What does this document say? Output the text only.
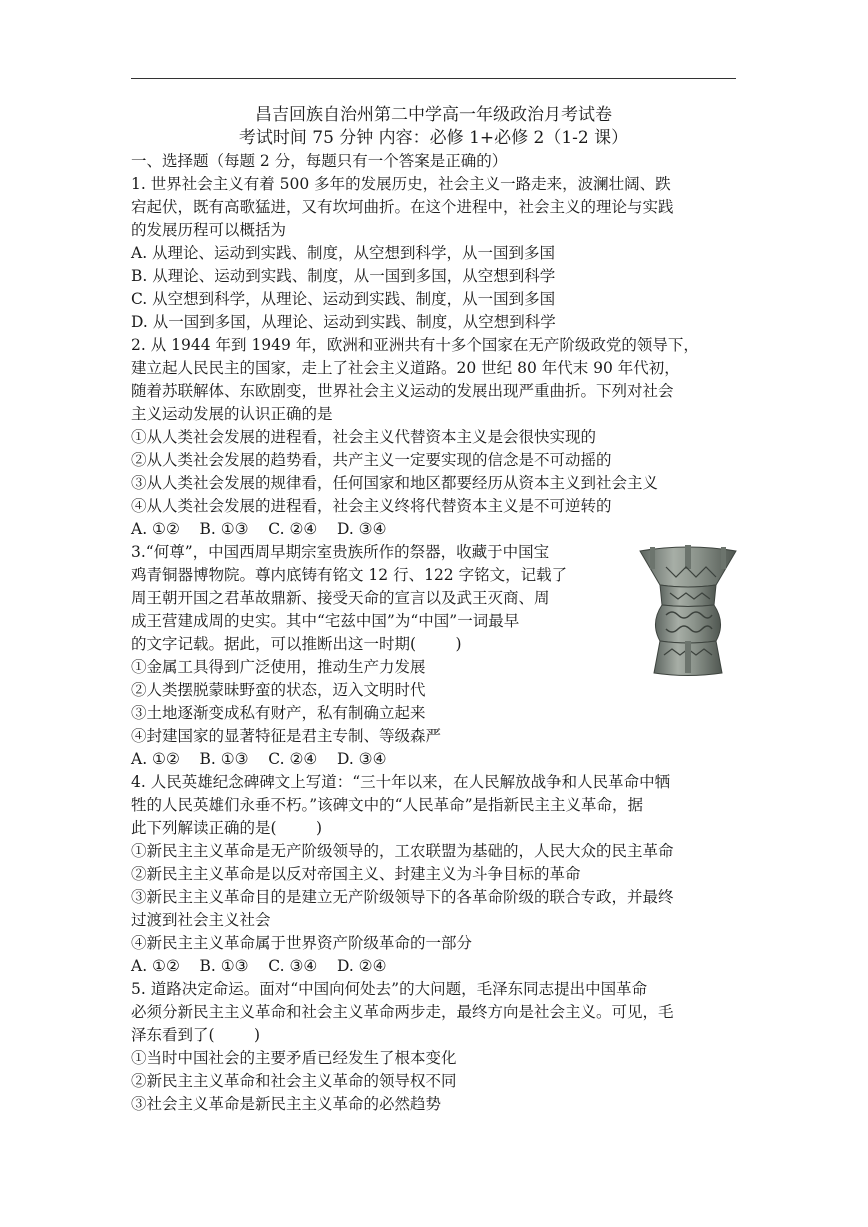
昌吉回族自治州第二中学高一年级政治月考试卷
考试时间 75 分钟 内容：必修 1+必修 2（1-2 课）
一、选择题（每题 2 分，每题只有一个答案是正确的）
1. 世界社会主义有着 500 多年的发展历史，社会主义一路走来，波澜壮阔、跌
宕起伏，既有高歌猛进，又有坎坷曲折。在这个进程中，社会主义的理论与实践
的发展历程可以概括为
A. 从理论、运动到实践、制度，从空想到科学，从一国到多国
B. 从理论、运动到实践、制度，从一国到多国，从空想到科学
C. 从空想到科学，从理论、运动到实践、制度，从一国到多国
D. 从一国到多国，从理论、运动到实践、制度，从空想到科学
2. 从 1944 年到 1949 年，欧洲和亚洲共有十多个国家在无产阶级政党的领导下，
建立起人民民主的国家，走上了社会主义道路。20 世纪 80 年代末 90 年代初，
随着苏联解体、东欧剧变，世界社会主义运动的发展出现严重曲折。下列对社会
主义运动发展的认识正确的是
①从人类社会发展的进程看，社会主义代替资本主义是会很快实现的
②从人类社会发展的趋势看，共产主义一定要实现的信念是不可动摇的
③从人类社会发展的规律看，任何国家和地区都要经历从资本主义到社会主义
④从人类社会发展的进程看，社会主义终将代替资本主义是不可逆转的
A. ①②    B. ①③    C. ②④    D. ③④
3.“何尊”，中国西周早期宗室贵族所作的祭器，收藏于中国宝
鸡青铜器博物院。尊内底铸有铭文 12 行、122 字铭文，记载了
周王朝开国之君革故鼎新、接受天命的宣言以及武王灭商、周
成王营建成周的史实。其中“宅兹中国”为“中国”一词最早
的文字记载。据此，可以推断出这一时期(        )
①金属工具得到广泛使用，推动生产力发展
②人类摆脱蒙昧野蛮的状态，迈入文明时代
③土地逐渐变成私有财产，私有制确立起来
④封建国家的显著特征是君主专制、等级森严
A. ①②    B. ①③    C. ②④    D. ③④
4. 人民英雄纪念碑碑文上写道：“三十年以来，在人民解放战争和人民革命中牺
牲的人民英雄们永垂不朽。”该碑文中的“人民革命”是指新民主主义革命，据
此下列解读正确的是(        )
①新民主主义革命是无产阶级领导的，工农联盟为基础的，人民大众的民主革命
②新民主主义革命是以反对帝国主义、封建主义为斗争目标的革命
③新民主主义革命目的是建立无产阶级领导下的各革命阶级的联合专政，并最终
过渡到社会主义社会
④新民主主义革命属于世界资产阶级革命的一部分
A. ①②    B. ①③    C. ③④    D. ②④
5. 道路决定命运。面对“中国向何处去”的大问题，毛泽东同志提出中国革命
必须分新民主主义革命和社会主义革命两步走，最终方向是社会主义。可见，毛
泽东看到了(        )
①当时中国社会的主要矛盾已经发生了根本变化
②新民主主义革命和社会主义革命的领导权不同
③社会主义革命是新民主主义革命的必然趋势
